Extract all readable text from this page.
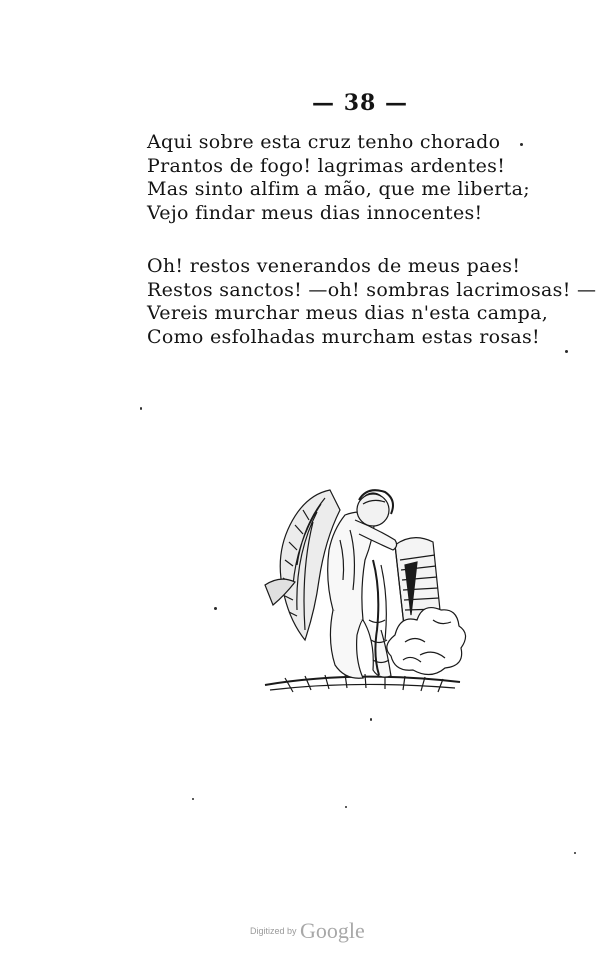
— 38 —
Aqui sobre esta cruz tenho chorado
Prantos de fogo! lagrimas ardentes!
Mas sinto alfim a mão, que me liberta;
Vejo findar meus dias innocentes!
Oh! restos venerandos de meus paes!
Restos sanctos! —oh! sombras lacrimosas! —
Vereis murchar meus dias n'esta campa,
Como esfolhadas murcham estas rosas!
Digitized by Google
